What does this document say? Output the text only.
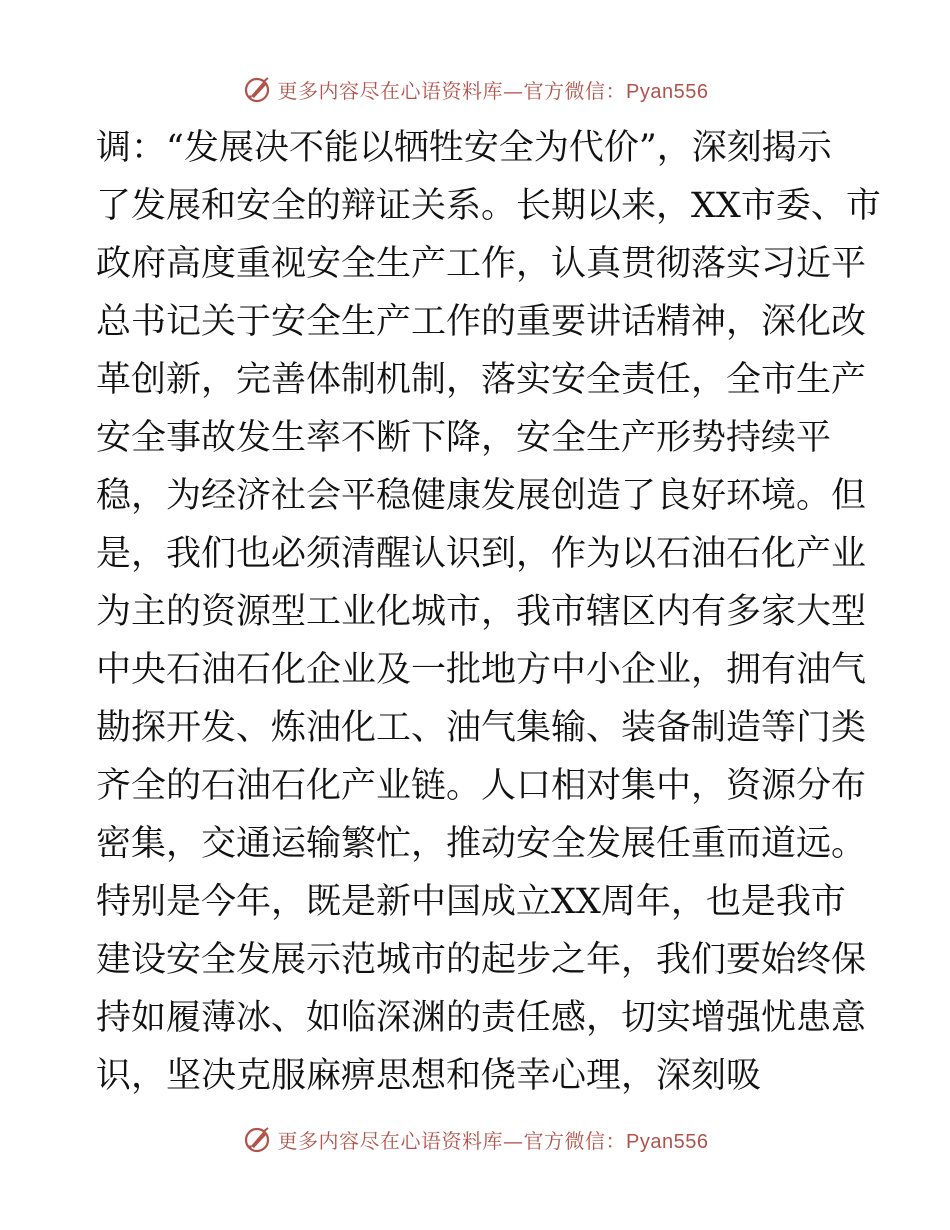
更多内容尽在心语资料库—官方微信：Pyan556
调：“发展决不能以牺牲安全为代价”，深刻揭示
了发展和安全的辩证关系。长期以来，XX市委、市
政府高度重视安全生产工作，认真贯彻落实习近平
总书记关于安全生产工作的重要讲话精神，深化改
革创新，完善体制机制，落实安全责任，全市生产
安全事故发生率不断下降，安全生产形势持续平
稳，为经济社会平稳健康发展创造了良好环境。但
是，我们也必须清醒认识到，作为以石油石化产业
为主的资源型工业化城市，我市辖区内有多家大型
中央石油石化企业及一批地方中小企业，拥有油气
勘探开发、炼油化工、油气集输、装备制造等门类
齐全的石油石化产业链。人口相对集中，资源分布
密集，交通运输繁忙，推动安全发展任重而道远。
特别是今年，既是新中国成立XX周年，也是我市
建设安全发展示范城市的起步之年，我们要始终保
持如履薄冰、如临深渊的责任感，切实增强忧患意
识，坚决克服麻痹思想和侥幸心理，深刻吸
更多内容尽在心语资料库—官方微信：Pyan556
